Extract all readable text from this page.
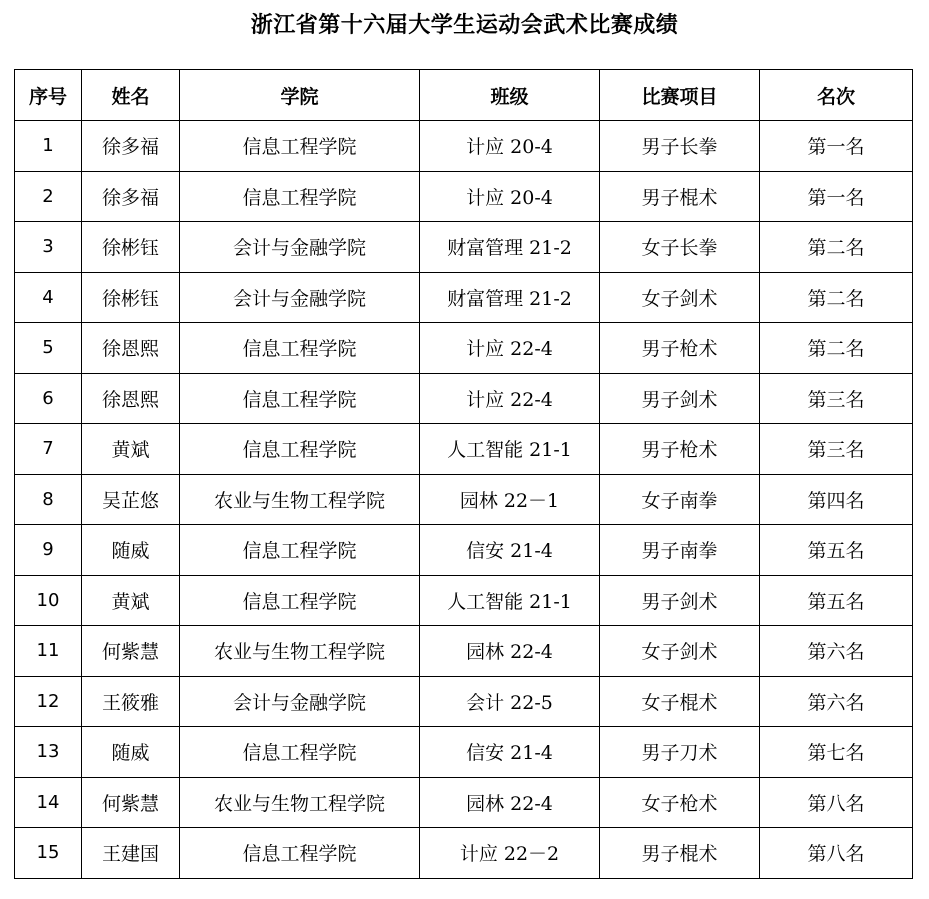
浙江省第十六届大学生运动会武术比赛成绩
序号	姓名	学院	班级	比赛项目	名次
1	徐多福	信息工程学院	计应 20-4	男子长拳	第一名
2	徐多福	信息工程学院	计应 20-4	男子棍术	第一名
3	徐彬钰	会计与金融学院	财富管理 21-2	女子长拳	第二名
4	徐彬钰	会计与金融学院	财富管理 21-2	女子剑术	第二名
5	徐恩熙	信息工程学院	计应 22-4	男子枪术	第二名
6	徐恩熙	信息工程学院	计应 22-4	男子剑术	第三名
7	黄斌	信息工程学院	人工智能 21-1	男子枪术	第三名
8	吴芷悠	农业与生物工程学院	园林 22－1	女子南拳	第四名
9	随威	信息工程学院	信安 21-4	男子南拳	第五名
10	黄斌	信息工程学院	人工智能 21-1	男子剑术	第五名
11	何紫慧	农业与生物工程学院	园林 22-4	女子剑术	第六名
12	王筱雅	会计与金融学院	会计 22-5	女子棍术	第六名
13	随威	信息工程学院	信安 21-4	男子刀术	第七名
14	何紫慧	农业与生物工程学院	园林 22-4	女子枪术	第八名
15	王建国	信息工程学院	计应 22－2	男子棍术	第八名
